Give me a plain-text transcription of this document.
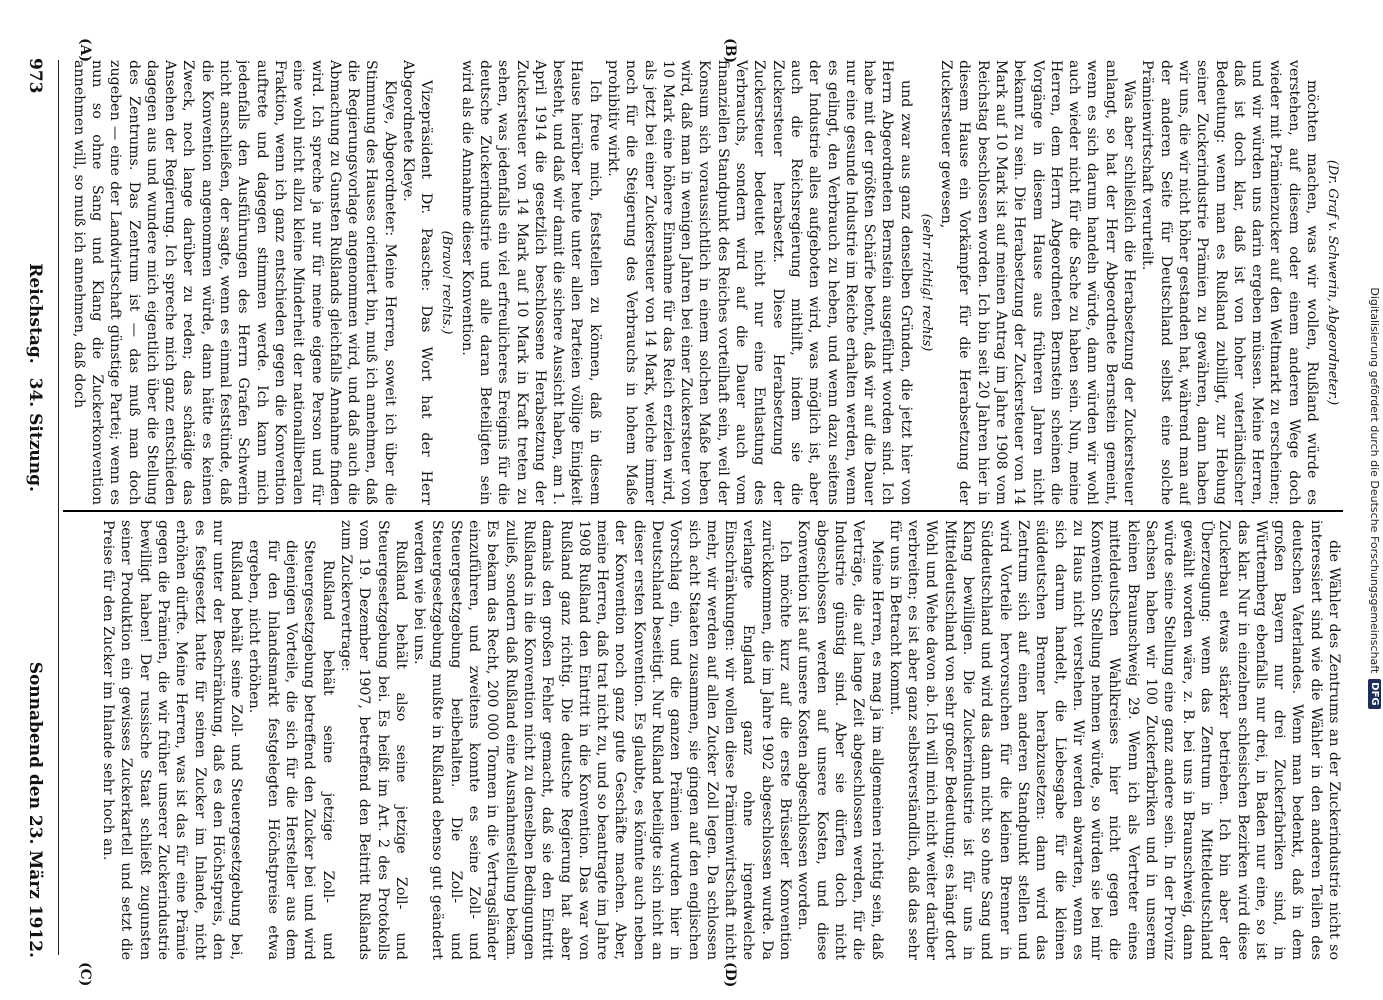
Digitalisierung gefördert durch die Deutsche Forschungsgemeinschaft
DFG
973
Reichstag.
34. Sitzung.
Sonnabend den 23. März 1912.
(A)	(B)
(C)	(D)

(Dr. Graf v. Schwerin, Abgeordneter.)

möchten machen, was wir wollen, Rußland würde es verstehen, auf diesem oder einem anderen Wege doch wieder mit Prämienzucker auf den Weltmarkt zu erscheinen; und wir würden uns darin ergeben müssen. Meine Herren, daß ist doch klar, daß ist von hoher vaterländischer Bedeutung: wenn man es Rußland zubilligt, zur Hebung seiner Zuckerindustrie Prämien zu gewähren, dann haben wir uns, die wir nicht höher gestanden hat, während man auf der anderen Seite für Deutschland selbst eine solche Prämienwirtschaft verurteilt.

Was aber schließlich die Herabsetzung der Zuckersteuer anlangt, so hat der Herr Abgeordnete Bernstein gemeint, wenn es sich darum handeln würde, dann würden wir wohl auch wieder nicht für die Sache zu haben sein. Nun, meine Herren, dem Herrn Abgeordneten Bernstein scheinen die Vorgänge in diesem Hause aus früheren Jahren nicht bekannt zu sein. Die Herabsetzung der Zuckersteuer von 14 Mark auf 10 Mark ist auf meinen Antrag im Jahre 1908 vom Reichstag beschlossen worden. Ich bin seit 20 Jahren hier in diesem Hause ein Vorkämpfer für die Herabsetzung der Zuckersteuer gewesen,

(sehr richtig! rechts)

und zwar aus ganz denselben Gründen, die jetzt hier von Herrn Abgeordneten Bernstein ausgeführt worden sind. Ich habe mit der größten Schärfe betont, daß wir auf die Dauer nur eine gesunde Industrie im Reiche erhalten werden, wenn es gelingt, den Verbrauch zu heben, und wenn dazu seitens der Industrie alles aufgeboten wird, was möglich ist, aber auch die Reichsregierung mithilft, indem sie die Zuckersteuer herabsetzt. Diese Herabsetzung der Zuckersteuer bedeutet nicht nur eine Entlastung des Verbrauchs, sondern wird auf die Dauer auch vom finanziellen Standpunkt des Reiches vorteilhaft sein, weil der Konsum sich voraussichtlich in einem solchen Maße heben wird, daß man in wenigen Jahren bei einer Zuckersteuer von 10 Mark eine höhere Einnahme für das Reich erzielen wird, als jetzt bei einer Zuckersteuer von 14 Mark, welche immer noch für die Steigerung des Verbrauchs in hohem Maße prohibitiv wirkt.

Ich freue mich, feststellen zu können, daß in diesem Hause hierüber heute unter allen Parteien völlige Einigkeit besteht, und daß wir damit die sichere Aussicht haben, am 1. April 1914 die gesetzlich beschlossene Herabsetzung der Zuckersteuer von 14 Mark auf 10 Mark in Kraft treten zu sehen, was jedenfalls ein viel erfreulicheres Ereignis für die deutsche Zuckerindustrie und alle daran Beteiligten sein wird als die Annahme dieser Konvention.

(Bravo! rechts.)

Vizepräsident Dr. Paasche: Das Wort hat der Herr Abgeordnete Kleye.

Kleye, Abgeordneter: Meine Herren, soweit ich über die Stimmung des Hauses orientiert bin, muß ich annehmen, daß die Regierungsvorlage angenommen wird, und daß auch die Abmachung zu Gunsten Rußlands gleichfalls Annahme finden wird. Ich spreche ja nur für meine eigene Person und für eine wohl nicht allzu kleine Minderheit der nationalliberalen Fraktion, wenn ich ganz entschieden gegen die Konvention auftrete und dagegen stimmen werde. Ich kann mich jedenfalls den Ausführungen des Herrn Grafen Schwerin nicht anschließen, der sagte, wenn es einmal feststünde, daß die Konvention angenommen würde, dann hätte es keinen Zweck, noch lange darüber zu reden; das schädige das Ansehen der Regierung. Ich spreche mich ganz entschieden dagegen aus und wundere mich eigentlich über die Stellung des Zentrums. Das Zentrum ist — das muß man doch zugeben — eine der Landwirtschaft günstige Partei; wenn es nun so ohne Sang und Klang die Zuckerkonvention annehmen will, so muß ich annehmen, daß doch

die Wähler des Zentrums an der Zuckerindustrie nicht so interessiert sind wie die Wähler in den anderen Teilen des deutschen Vaterlandes. Wenn man bedenkt, daß in dem großen Bayern nur drei Zuckerfabriken sind, in Württemberg ebenfalls nur drei, in Baden nur eine, so ist das klar. Nur in einzelnen schlesischen Bezirken wird diese Zuckerbau etwas stärker betrieben. Ich bin aber der Überzeugung: wenn das Zentrum in Mitteldeutschland gewählt worden wäre, z. B. bei uns in Braunschweig, dann würde seine Stellung eine ganz andere sein. In der Provinz Sachsen haben wir 100 Zuckerfabriken und in unserem kleinen Braunschweig 29. Wenn ich als Vertreter eines mitteldeutschen Wahlkreises hier nicht gegen die Konvention Stellung nehmen würde, so würden sie bei mir zu Haus nicht verstehen. Wir werden abwarten, wenn es sich darum handelt, die Liebesgabe für die kleinen süddeutschen Brenner herabzusetzen: dann wird das Zentrum sich auf einen anderen Standpunkt stellen und wird Vorteile hervorsuchen für die kleinen Brenner in Süddeutschland und wird das dann nicht so ohne Sang und Klang bewilligen. Die Zuckerindustrie ist für uns in Mitteldeutschland von sehr großer Bedeutung; es hängt dort Wohl und Wehe davon ab. Ich will mich nicht weiter darüber verbreiten; es ist aber ganz selbstverständlich, daß das sehr für uns in Betracht kommt.

Meine Herren, es mag ja im allgemeinen richtig sein, daß Verträge, die auf lange Zeit abgeschlossen werden, für die Industrie günstig sind. Aber sie dürfen doch nicht abgeschlossen werden auf unsere Kosten, und diese Konvention ist auf unsere Kosten abgeschlossen worden.

Ich möchte kurz auf die erste Brüsseler Konvention zurückkommen, die im Jahre 1902 abgeschlossen wurde. Da verlangte England ganz ohne irgendwelche Einschränkungen: wir wollen diese Prämienwirtschaft nicht mehr, wir werden auf allen Zucker Zoll legen. Da schlossen sich acht Staaten zusammen, sie gingen auf den englischen Vorschlag ein, und die ganzen Prämien wurden hier in Deutschland beseitigt. Nur Rußland beteiligte sich nicht an dieser ersten Konvention. Es glaubte, es könnte auch neben der Konvention noch ganz gute Geschäfte machen. Aber, meine Herren, daß trat nicht zu, und so beantragte im Jahre 1908 Rußland den Eintritt in die Konvention. Das war von Rußland ganz richtig. Die deutsche Regierung hat aber damals den großen Fehler gemacht, daß sie den Eintritt Rußlands in die Konvention nicht zu denselben Bedingungen zuließ, sondern daß Rußland eine Ausnahmestellung bekam. Es bekam das Recht, 200 000 Tonnen in die Vertragsländer einzuführen, und zweitens konnte es seine Zoll- und Steuergesetzgebung beibehalten. Die Zoll- und Steuergesetzgebung mußte in Rußland ebenso gut geändert werden wie bei uns.

Rußland behält also seine jetzige Zoll- und Steuergesetzgebung bei. Es heißt im Art. 2 des Protokolls vom 19. Dezember 1907, betreffend den Beitritt Rußlands zum Zuckervertrage:

Rußland behält seine jetzige Zoll- und Steuergesetzgebung betreffend den Zucker bei und wird diejenigen Vorteile, die sich für die Hersteller aus dem für den Inlandsmarkt festgelegten Höchstpreise etwa ergeben, nicht erhöhen.

Rußland behält seine Zoll- und Steuergesetzgebung bei, nur unter der Beschränkung, daß es den Höchstpreis, den es festgesetzt hatte für seinen Zucker im Inlande, nicht erhöhen dürfte. Meine Herren, was ist das für eine Prämie gegen die Prämien, die wir früher unserer Zuckerindustrie bewilligt haben! Der russische Staat schließt zugunsten seiner Produktion ein gewisses Zuckerkartell und setzt die Preise für den Zucker im Inlande sehr hoch an.
